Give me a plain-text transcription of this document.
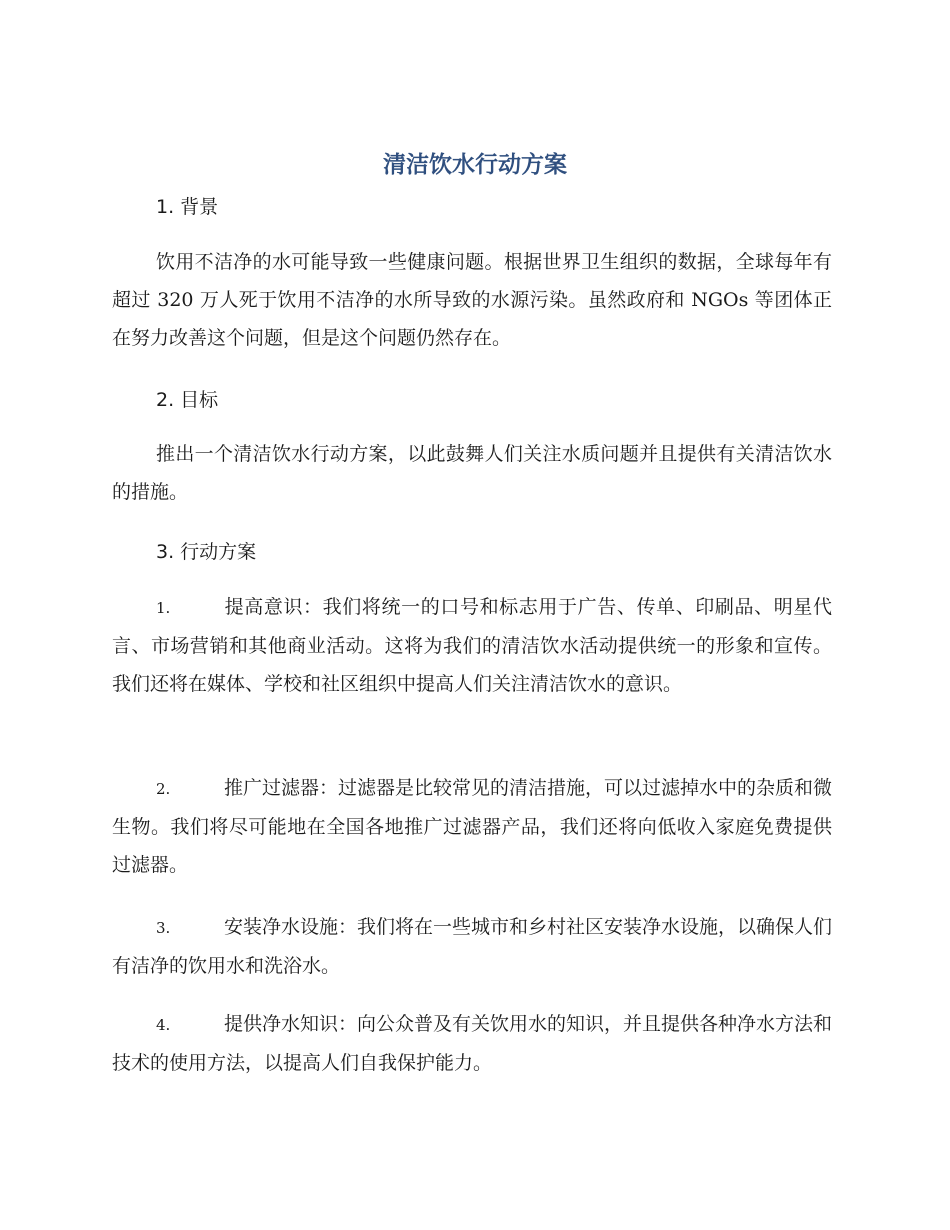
清洁饮水行动方案
1. 背景

饮用不洁净的水可能导致一些健康问题。根据世界卫生组织的数据，全球每年有超过 320 万人死于饮用不洁净的水所导致的水源污染。虽然政府和 NGOs 等团体正在努力改善这个问题，但是这个问题仍然存在。

2. 目标

推出一个清洁饮水行动方案，以此鼓舞人们关注水质问题并且提供有关清洁饮水的措施。

3. 行动方案

1.	提高意识：我们将统一的口号和标志用于广告、传单、印刷品、明星代言、市场营销和其他商业活动。这将为我们的清洁饮水活动提供统一的形象和宣传。我们还将在媒体、学校和社区组织中提高人们关注清洁饮水的意识。

2.	推广过滤器：过滤器是比较常见的清洁措施，可以过滤掉水中的杂质和微生物。我们将尽可能地在全国各地推广过滤器产品，我们还将向低收入家庭免费提供过滤器。

3.	安装净水设施：我们将在一些城市和乡村社区安装净水设施，以确保人们有洁净的饮用水和洗浴水。

4.	提供净水知识：向公众普及有关饮用水的知识，并且提供各种净水方法和技术的使用方法，以提高人们自我保护能力。
